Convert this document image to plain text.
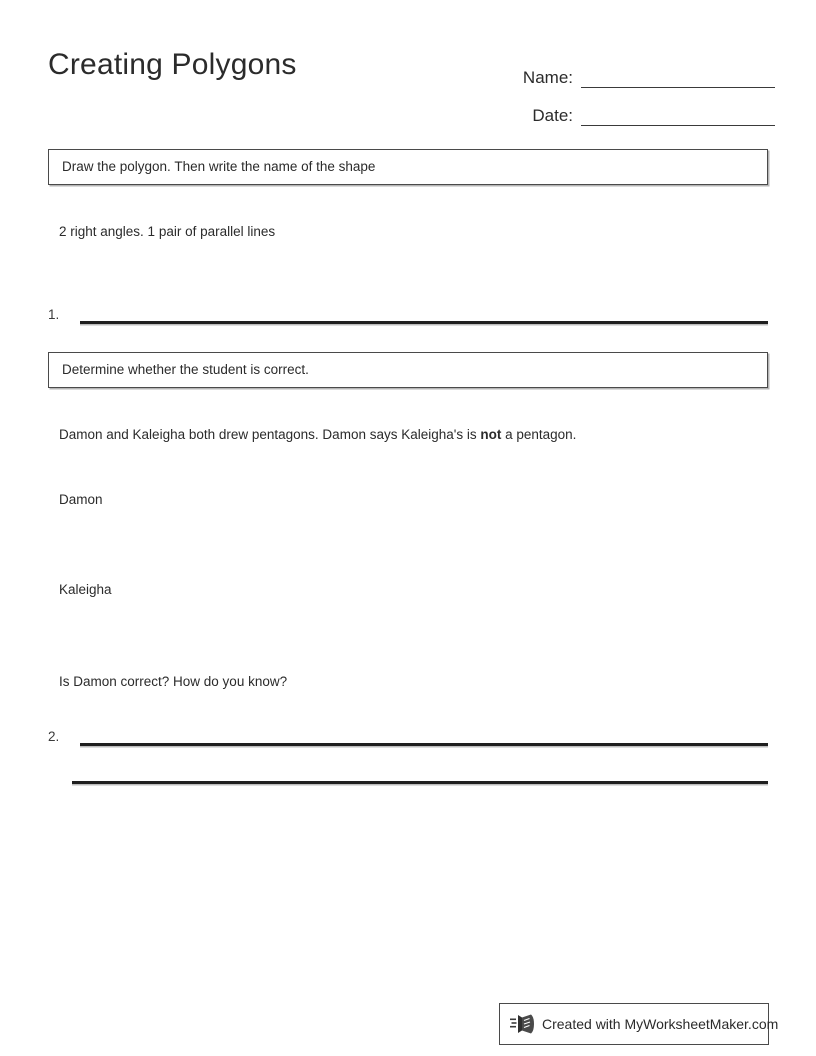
Creating Polygons	Name:
Date:
Draw the polygon. Then write the name of the shape
2 right angles. 1 pair of parallel lines
1.
Determine whether the student is correct.
Damon and Kaleigha both drew pentagons. Damon says Kaleigha's is not a pentagon.
Damon
Kaleigha
Is Damon correct? How do you know?
2.
Created with MyWorksheetMaker.com
